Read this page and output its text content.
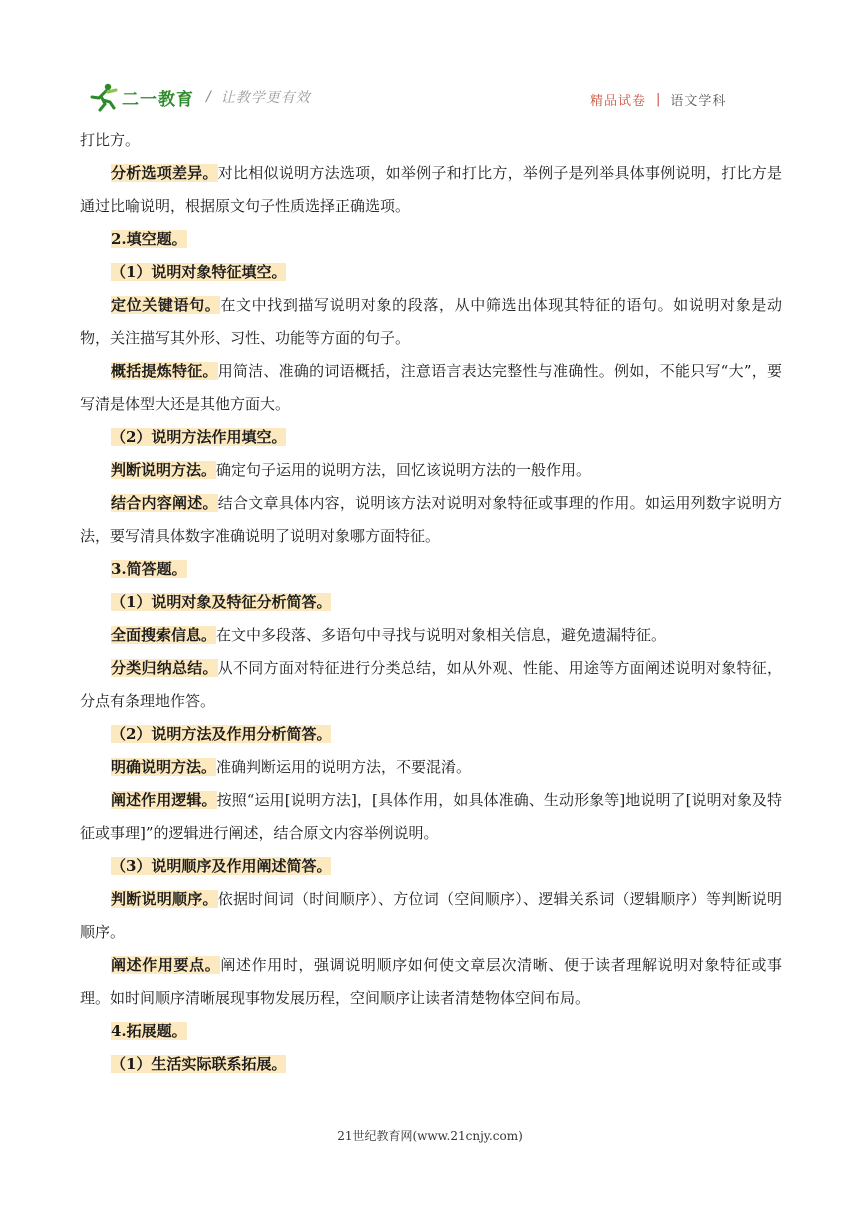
二一教育 / 让教学更有效	精品试卷 | 语文学科

打比方。

分析选项差异。对比相似说明方法选项，如举例子和打比方，举例子是列举具体事例说明，打比方是通过比喻说明，根据原文句子性质选择正确选项。

2.填空题。

（1）说明对象特征填空。

定位关键语句。在文中找到描写说明对象的段落，从中筛选出体现其特征的语句。如说明对象是动物，关注描写其外形、习性、功能等方面的句子。

概括提炼特征。用简洁、准确的词语概括，注意语言表达完整性与准确性。例如，不能只写“大”，要写清是体型大还是其他方面大。

（2）说明方法作用填空。

判断说明方法。确定句子运用的说明方法，回忆该说明方法的一般作用。

结合内容阐述。结合文章具体内容，说明该方法对说明对象特征或事理的作用。如运用列数字说明方法，要写清具体数字准确说明了说明对象哪方面特征。

3.简答题。

（1）说明对象及特征分析简答。

全面搜索信息。在文中多段落、多语句中寻找与说明对象相关信息，避免遗漏特征。

分类归纳总结。从不同方面对特征进行分类总结，如从外观、性能、用途等方面阐述说明对象特征，分点有条理地作答。

（2）说明方法及作用分析简答。

明确说明方法。准确判断运用的说明方法，不要混淆。

阐述作用逻辑。按照“运用[说明方法]，[具体作用，如具体准确、生动形象等]地说明了[说明对象及特征或事理]”的逻辑进行阐述，结合原文内容举例说明。

（3）说明顺序及作用阐述简答。

判断说明顺序。依据时间词（时间顺序）、方位词（空间顺序）、逻辑关系词（逻辑顺序）等判断说明顺序。

阐述作用要点。阐述作用时，强调说明顺序如何使文章层次清晰、便于读者理解说明对象特征或事理。如时间顺序清晰展现事物发展历程，空间顺序让读者清楚物体空间布局。

4.拓展题。

（1）生活实际联系拓展。

21世纪教育网(www.21cnjy.com)
